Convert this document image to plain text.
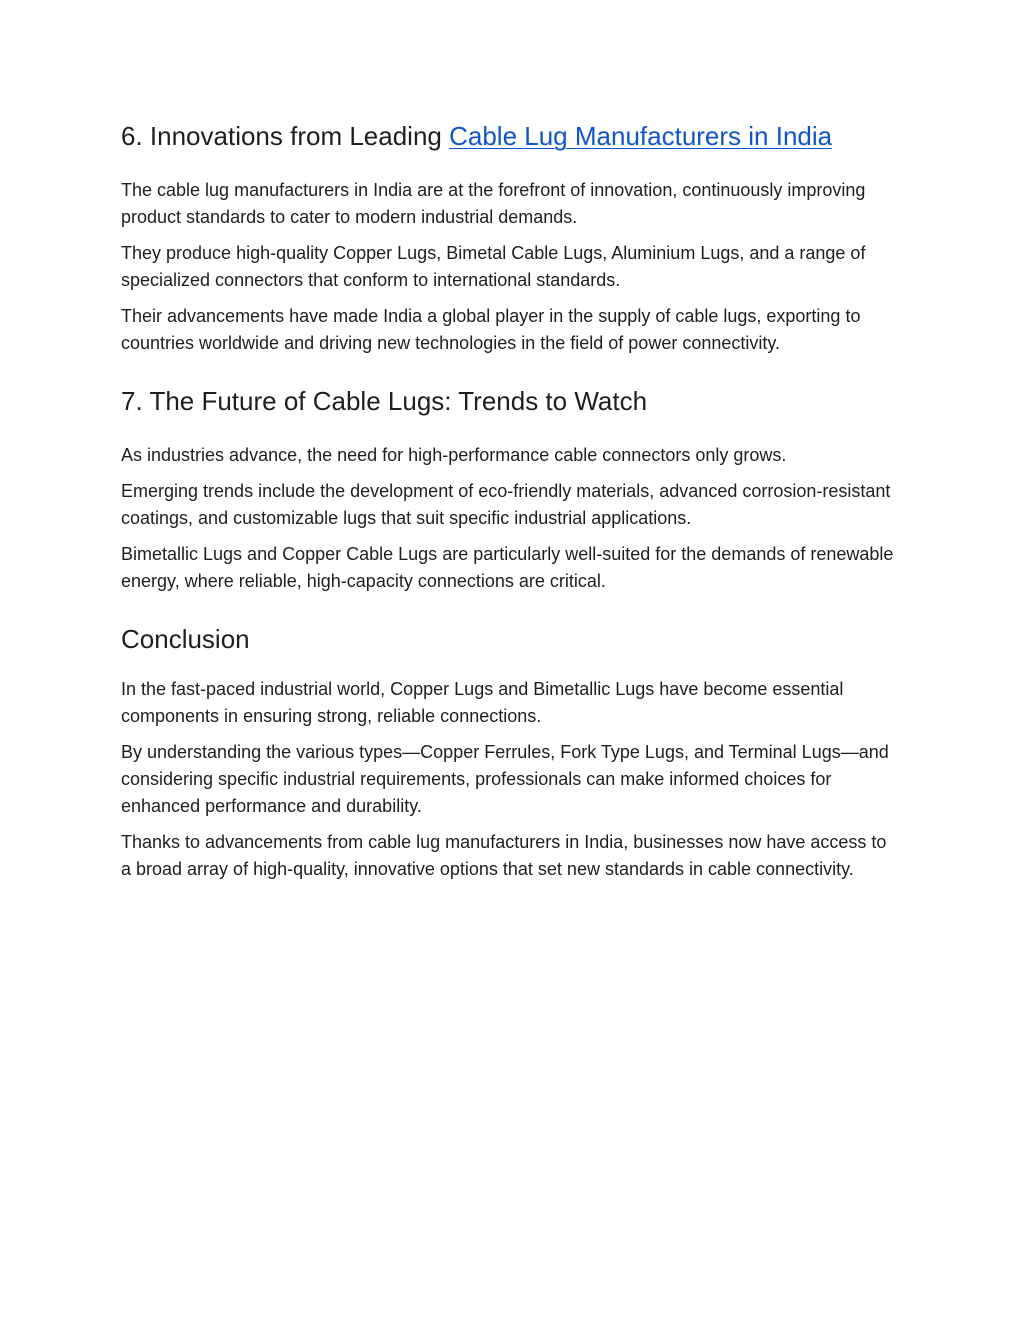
6. Innovations from Leading Cable Lug Manufacturers in India

The cable lug manufacturers in India are at the forefront of innovation, continuously improving product standards to cater to modern industrial demands.

They produce high-quality Copper Lugs, Bimetal Cable Lugs, Aluminium Lugs, and a range of specialized connectors that conform to international standards.

Their advancements have made India a global player in the supply of cable lugs, exporting to countries worldwide and driving new technologies in the field of power connectivity.

7. The Future of Cable Lugs: Trends to Watch

As industries advance, the need for high-performance cable connectors only grows.

Emerging trends include the development of eco-friendly materials, advanced corrosion-resistant coatings, and customizable lugs that suit specific industrial applications.

Bimetallic Lugs and Copper Cable Lugs are particularly well-suited for the demands of renewable energy, where reliable, high-capacity connections are critical.

Conclusion

In the fast-paced industrial world, Copper Lugs and Bimetallic Lugs have become essential components in ensuring strong, reliable connections.

By understanding the various types—Copper Ferrules, Fork Type Lugs, and Terminal Lugs—and considering specific industrial requirements, professionals can make informed choices for enhanced performance and durability.

Thanks to advancements from cable lug manufacturers in India, businesses now have access to a broad array of high-quality, innovative options that set new standards in cable connectivity.
